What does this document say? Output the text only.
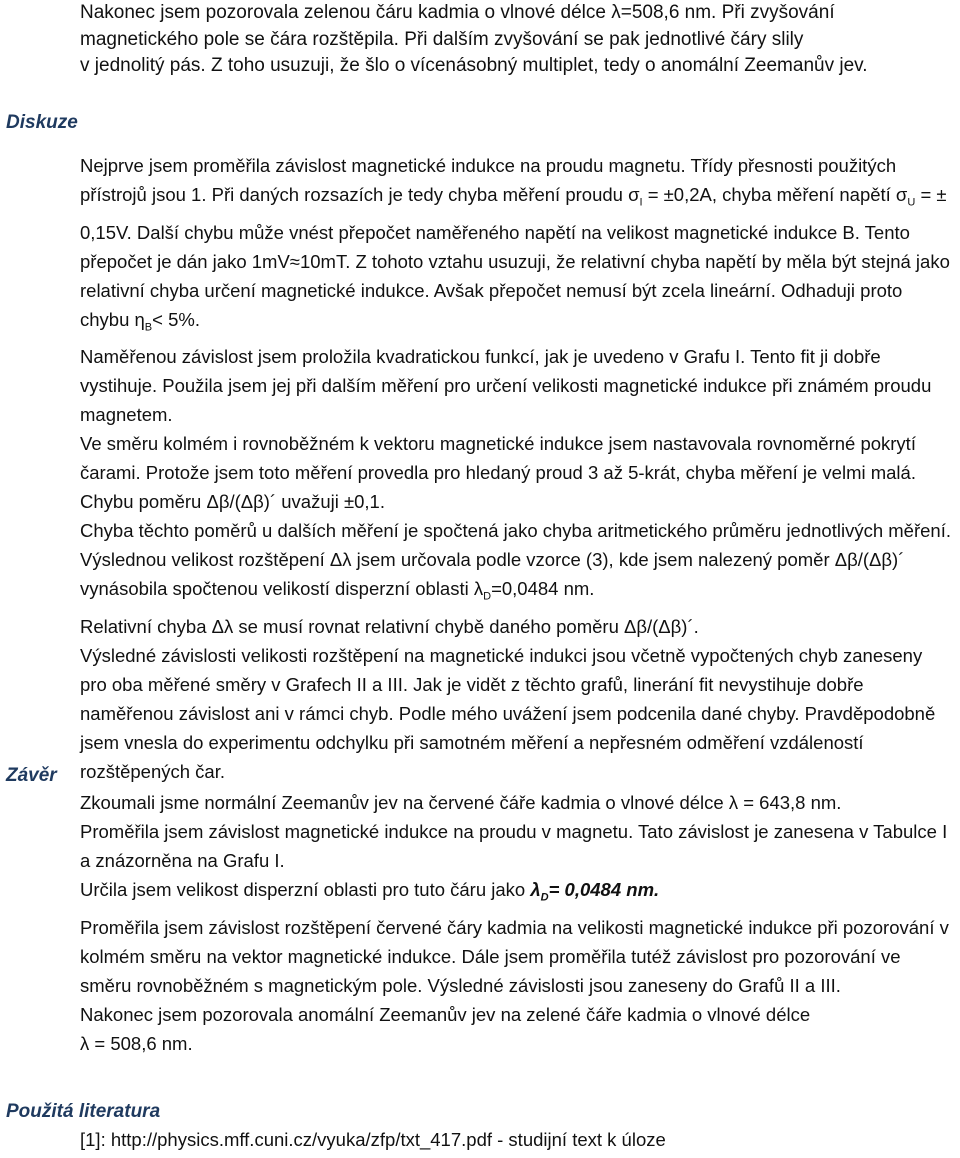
Nakonec jsem pozorovala zelenou čáru kadmia o vlnové délce λ=508,6 nm. Při zvyšování

magnetického pole se čára rozštěpila. Při dalším zvyšování se pak jednotlivé čáry slily

v jednolitý pás. Z toho usuzuji, že šlo o vícenásobný multiplet, tedy o anomální Zeemanův jev.

Diskuze

Nejprve jsem proměřila závislost magnetické indukce na proudu magnetu. Třídy přesnosti použitých přístrojů jsou 1. Při daných rozsazích je tedy chyba měření proudu $\sigma_I = \pm 0,2A$, chyba měření napětí $\sigma_U$ = ± 0,15V. Další chybu může vnést přepočet naměřeného napětí na velikost magnetické indukce B. Tento přepočet je dán jako 1mV≈10mT. Z tohoto vztahu usuzuji, že relativní chyba napětí by měla být stejná jako relativní chyba určení magnetické indukce. Avšak přepočet nemusí být zcela lineární. Odhaduji proto chybu $\eta_B< 5\%$.

Naměřenou závislost jsem proložila kvadratickou funkcí, jak je uvedeno v Grafu I. Tento fit ji dobře vystihuje. Použila jsem jej při dalším měření pro určení velikosti magnetické indukce při známém proudu magnetem.

Ve směru kolmém i rovnoběžném k vektoru magnetické indukce jsem nastavovala rovnoměrné pokrytí čarami. Protože jsem toto měření provedla pro hledaný proud 3 až 5-krát, chyba měření je velmi malá. Chybu poměru Δβ/(Δβ)´ uvažuji ±0,1.

Chyba těchto poměrů u dalších měření je spočtená jako chyba aritmetického průměru jednotlivých měření. Výslednou velikost rozštěpení Δλ jsem určovala podle vzorce (3), kde jsem nalezený poměr Δβ/(Δβ)´ vynásobila spočtenou velikostí disperzní oblasti $\lambda_D=0,0484$ nm.

Relativní chyba Δλ se musí rovnat relativní chybě daného poměru Δβ/(Δβ)´.

Výsledné závislosti velikosti rozštěpení na magnetické indukci jsou včetně vypočtených chyb zaneseny pro oba měřené směry v Grafech II a III. Jak je vidět z těchto grafů, linerání fit nevystihuje dobře naměřenou závislost ani v rámci chyb. Podle mého uvážení jsem podcenila dané chyby. Pravděpodobně jsem vnesla do experimentu odchylku při samotném měření a nepřesném odměření vzdáleností rozštěpených čar.

Závěr

Zkoumali jsme normální Zeemanův jev na červené čáře kadmia o vlnové délce λ = 643,8 nm.

Proměřila jsem závislost magnetické indukce na proudu v magnetu. Tato závislost je zanesena v Tabulce I a znázorněna na Grafu I.

Určila jsem velikost disperzní oblasti pro tuto čáru jako $\lambda_D= 0,0484$ nm.

Proměřila jsem závislost rozštěpení červené čáry kadmia na velikosti magnetické indukce při pozorování v kolmém směru na vektor magnetické indukce. Dále jsem proměřila tutéž závislost pro pozorování ve směru rovnoběžném s magnetickým pole. Výsledné závislosti jsou zaneseny do Grafů II a III.

Nakonec jsem pozorovala anomální Zeemanův jev na zelené čáře kadmia o vlnové délce
λ = 508,6 nm.

Použitá literatura

[1]: http://physics.mff.cuni.cz/vyuka/zfp/txt_417.pdf - studijní text k úloze
